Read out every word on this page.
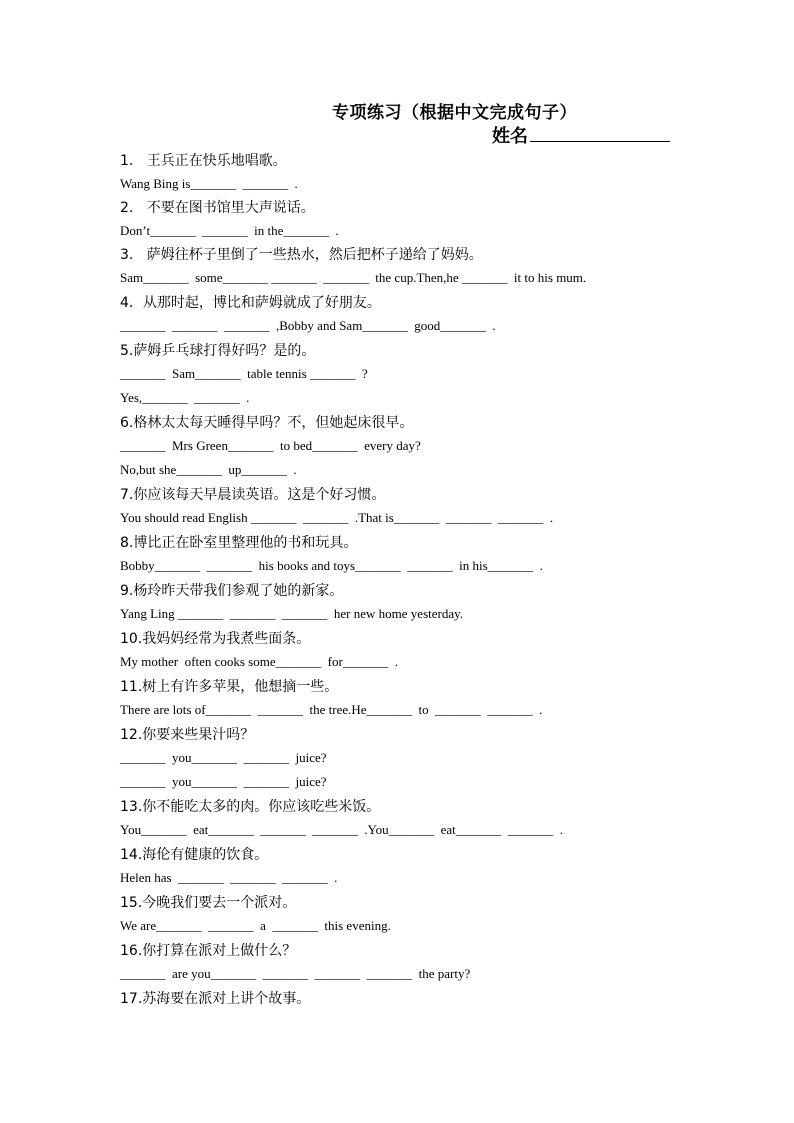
专项练习（根据中文完成句子）
姓名
1.   王兵正在快乐地唱歌。
Wang Bing is_______  _______  .
2.   不要在图书馆里大声说话。
Don’t_______  _______  in the_______  .
3.   萨姆往杯子里倒了一些热水，然后把杯子递给了妈妈。
Sam_______  some_______ _______  _______  the cup.Then,he _______  it to his mum.
4．从那时起，博比和萨姆就成了好朋友。
_______  _______  _______  ,Bobby and Sam_______  good_______  .
5.萨姆乒乓球打得好吗？是的。
_______  Sam_______  table tennis _______  ?
Yes,_______  _______  .
6.格林太太每天睡得早吗？不，但她起床很早。
_______  Mrs Green_______  to bed_______  every day?
No,but she_______  up_______  .
7.你应该每天早晨读英语。这是个好习惯。
You should read English _______  _______  .That is_______  _______  _______  .
8.博比正在卧室里整理他的书和玩具。
Bobby_______  _______  his books and toys_______  _______  in his_______  .
9.杨玲昨天带我们参观了她的新家。
Yang Ling _______  _______  _______  her new home yesterday.
10.我妈妈经常为我煮些面条。
My mother  often cooks some_______  for_______  .
11.树上有许多苹果，他想摘一些。
There are lots of_______  _______  the tree.He_______  to  _______  _______  .
12.你要来些果汁吗？
_______  you_______  _______  juice?
_______  you_______  _______  juice?
13.你不能吃太多的肉。你应该吃些米饭。
You_______  eat_______  _______  _______  .You_______  eat_______  _______  .
14.海伦有健康的饮食。
Helen has  _______  _______  _______  .
15.今晚我们要去一个派对。
We are_______  _______  a  _______  this evening.
16.你打算在派对上做什么？
_______  are you_______  _______  _______  _______  the party?
17.苏海要在派对上讲个故事。
